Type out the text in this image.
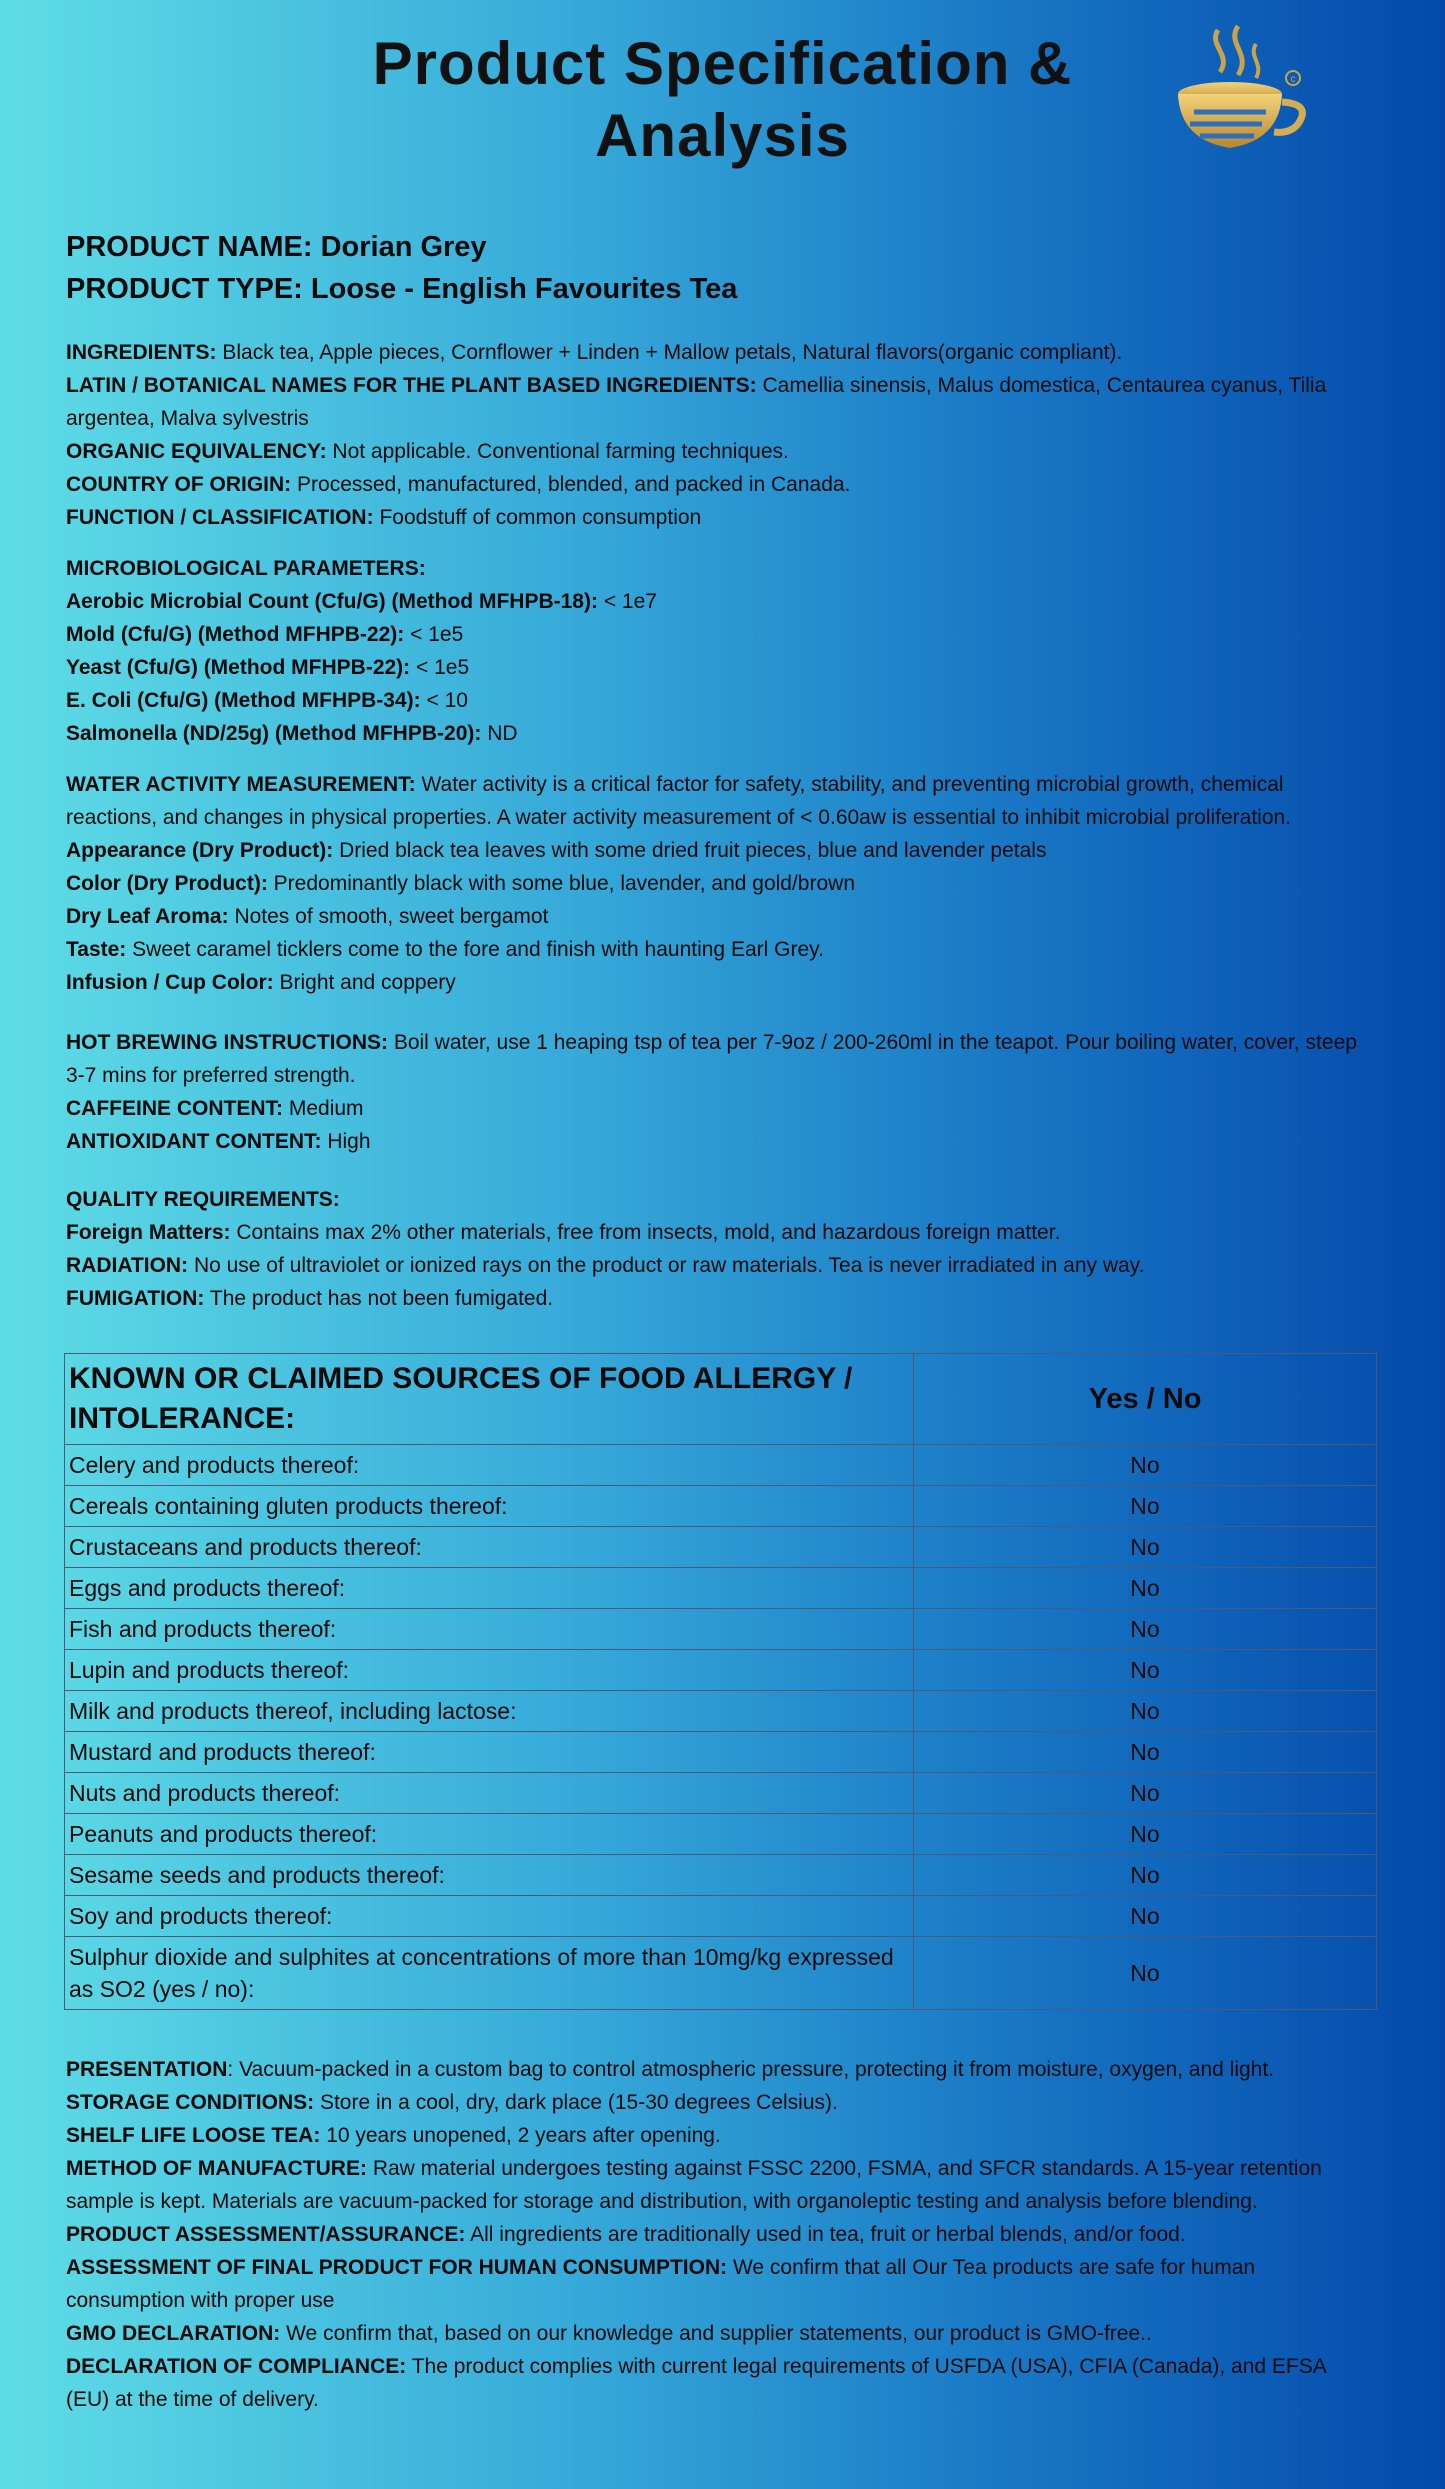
Product Specification &
Analysis
c
PRODUCT NAME: Dorian Grey
PRODUCT TYPE: Loose - English Favourites Tea

INGREDIENTS: Black tea, Apple pieces, Cornflower + Linden + Mallow petals, Natural flavors(organic compliant).

LATIN / BOTANICAL NAMES FOR THE PLANT BASED INGREDIENTS: Camellia sinensis, Malus domestica, Centaurea cyanus, Tilia argentea, Malva sylvestris

ORGANIC EQUIVALENCY: Not applicable. Conventional farming techniques.

COUNTRY OF ORIGIN: Processed, manufactured, blended, and packed in Canada.

FUNCTION / CLASSIFICATION: Foodstuff of common consumption

MICROBIOLOGICAL PARAMETERS:

Aerobic Microbial Count (Cfu/G) (Method MFHPB-18): < 1e7

Mold (Cfu/G) (Method MFHPB-22): < 1e5

Yeast (Cfu/G) (Method MFHPB-22): < 1e5

E. Coli (Cfu/G) (Method MFHPB-34): < 10

Salmonella (ND/25g) (Method MFHPB-20): ND

WATER ACTIVITY MEASUREMENT: Water activity is a critical factor for safety, stability, and preventing microbial growth, chemical reactions, and changes in physical properties. A water activity measurement of < 0.60aw is essential to inhibit microbial proliferation.

Appearance (Dry Product): Dried black tea leaves with some dried fruit pieces, blue and lavender petals

Color (Dry Product): Predominantly black with some blue, lavender, and gold/brown

Dry Leaf Aroma: Notes of smooth, sweet bergamot

Taste: Sweet caramel ticklers come to the fore and finish with haunting Earl Grey.

Infusion / Cup Color: Bright and coppery

HOT BREWING INSTRUCTIONS: Boil water, use 1 heaping tsp of tea per 7-9oz / 200-260ml in the teapot. Pour boiling water, cover, steep 3-7 mins for preferred strength.

CAFFEINE CONTENT: Medium

ANTIOXIDANT CONTENT: High

QUALITY REQUIREMENTS:

Foreign Matters: Contains max 2% other materials, free from insects, mold, and hazardous foreign matter.

RADIATION: No use of ultraviolet or ionized rays on the product or raw materials. Tea is never irradiated in any way.

FUMIGATION: The product has not been fumigated.

KNOWN OR CLAIMED SOURCES OF FOOD ALLERGY / INTOLERANCE:	Yes / No
Celery and products thereof:	No
Cereals containing gluten products thereof:	No
Crustaceans and products thereof:	No
Eggs and products thereof:	No
Fish and products thereof:	No
Lupin and products thereof:	No
Milk and products thereof, including lactose:	No
Mustard and products thereof:	No
Nuts and products thereof:	No
Peanuts and products thereof:	No
Sesame seeds and products thereof:	No
Soy and products thereof:	No
Sulphur dioxide and sulphites at concentrations of more than 10mg/kg expressed as SO2 (yes / no):	No

PRESENTATION: Vacuum-packed in a custom bag to control atmospheric pressure, protecting it from moisture, oxygen, and light.

STORAGE CONDITIONS: Store in a cool, dry, dark place (15-30 degrees Celsius).

SHELF LIFE LOOSE TEA: 10 years unopened, 2 years after opening.

METHOD OF MANUFACTURE: Raw material undergoes testing against FSSC 2200, FSMA, and SFCR standards. A 15-year retention sample is kept. Materials are vacuum-packed for storage and distribution, with organoleptic testing and analysis before blending.

PRODUCT ASSESSMENT/ASSURANCE: All ingredients are traditionally used in tea, fruit or herbal blends, and/or food.

ASSESSMENT OF FINAL PRODUCT FOR HUMAN CONSUMPTION: We confirm that all Our Tea products are safe for human consumption with proper use

GMO DECLARATION: We confirm that, based on our knowledge and supplier statements, our product is GMO-free..

DECLARATION OF COMPLIANCE: The product complies with current legal requirements of USFDA (USA), CFIA (Canada), and EFSA (EU) at the time of delivery.
